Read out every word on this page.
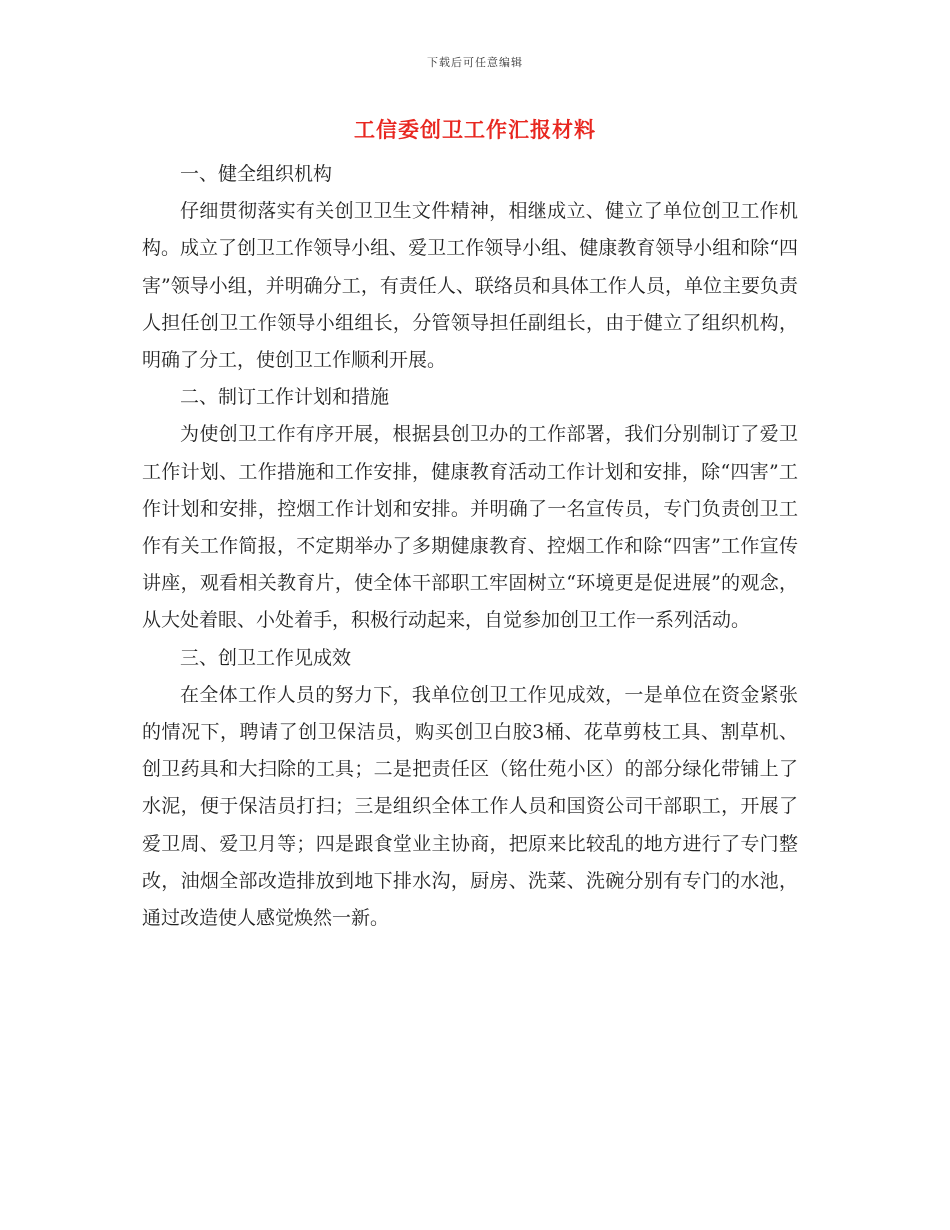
下载后可任意编辑
工信委创卫工作汇报材料

一、健全组织机构

仔细贯彻落实有关创卫卫生文件精神，相继成立、健立了单位创卫工作机构。成立了创卫工作领导小组、爱卫工作领导小组、健康教育领导小组和除“四害”领导小组，并明确分工，有责任人、联络员和具体工作人员，单位主要负责人担任创卫工作领导小组组长，分管领导担任副组长，由于健立了组织机构，明确了分工，使创卫工作顺利开展。

二、制订工作计划和措施

为使创卫工作有序开展，根据县创卫办的工作部署，我们分别制订了爱卫工作计划、工作措施和工作安排，健康教育活动工作计划和安排，除“四害”工作计划和安排，控烟工作计划和安排。并明确了一名宣传员，专门负责创卫工作有关工作简报，不定期举办了多期健康教育、控烟工作和除“四害”工作宣传讲座，观看相关教育片，使全体干部职工牢固树立“环境更是促进展”的观念，从大处着眼、小处着手，积极行动起来，自觉参加创卫工作一系列活动。

三、创卫工作见成效

在全体工作人员的努力下，我单位创卫工作见成效，一是单位在资金紧张的情况下，聘请了创卫保洁员，购买创卫白胶3桶、花草剪枝工具、割草机、创卫药具和大扫除的工具；二是把责任区（铭仕苑小区）的部分绿化带铺上了水泥，便于保洁员打扫；三是组织全体工作人员和国资公司干部职工，开展了爱卫周、爱卫月等；四是跟食堂业主协商，把原来比较乱的地方进行了专门整改，油烟全部改造排放到地下排水沟，厨房、洗菜、洗碗分别有专门的水池，通过改造使人感觉焕然一新。
